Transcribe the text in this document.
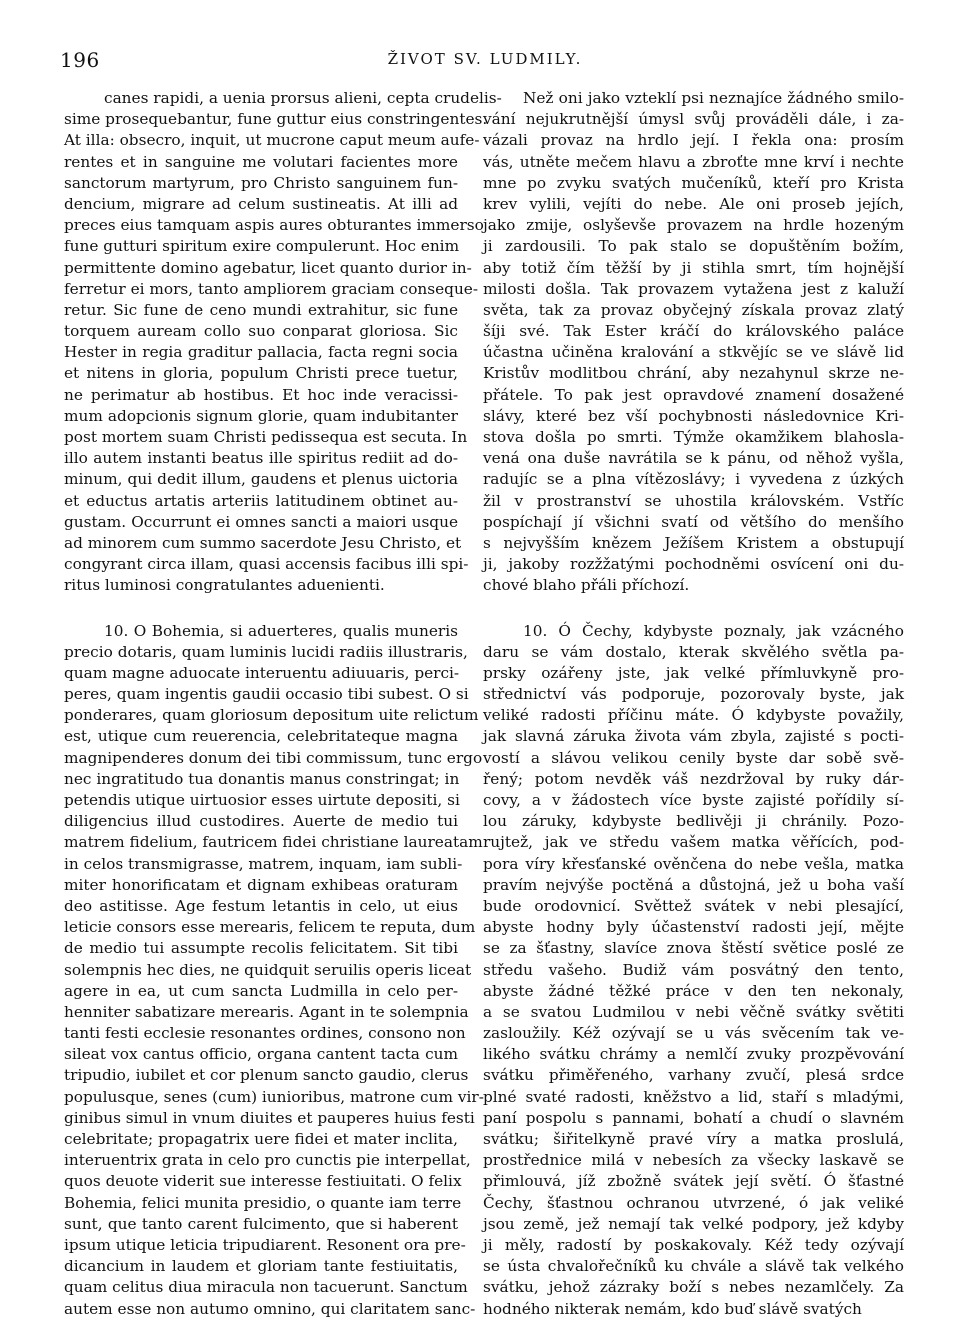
196	ŽIVOT SV. LUDMILY.
canes rapidi, a uenia prorsus alieni, cepta crudelis-
sime prosequebantur, fune guttur eius constringentes.
At illa: obsecro, inquit, ut mucrone caput meum aufe-
rentes et in sanguine me volutari facientes more
sanctorum martyrum, pro Christo sanguinem fun-
dencium, migrare ad celum sustineatis. At illi ad
preces eius tamquam aspis aures obturantes immerso
fune gutturi spiritum exire compulerunt. Hoc enim
permittente domino agebatur, licet quanto durior in-
ferretur ei mors, tanto ampliorem graciam conseque-
retur. Sic fune de ceno mundi extrahitur, sic fune
torquem auream collo suo conparat gloriosa. Sic
Hester in regia graditur pallacia, facta regni socia
et nitens in gloria, populum Christi prece tuetur,
ne perimatur ab hostibus. Et hoc inde veracissi-
mum adopcionis signum glorie, quam indubitanter
post mortem suam Christi pedissequa est secuta. In
illo autem instanti beatus ille spiritus rediit ad do-
minum, qui dedit illum, gaudens et plenus uictoria
et eductus artatis arteriis latitudinem obtinet au-
gustam. Occurrunt ei omnes sancti a maiori usque
ad minorem cum summo sacerdote Jesu Christo, et
congyrant circa illam, quasi accensis facibus illi spi-
ritus luminosi congratulantes aduenienti.
10. O Bohemia, si aduerteres, qualis muneris
precio dotaris, quam luminis lucidi radiis illustraris,
quam magne aduocate interuentu adiuuaris, perci-
peres, quam ingentis gaudii occasio tibi subest. O si
ponderares, quam gloriosum depositum uite relictum
est, utique cum reuerencia, celebritateque magna
magnipenderes donum dei tibi commissum, tunc ergo
nec ingratitudo tua donantis manus constringat; in
petendis utique uirtuosior esses uirtute depositi, si
diligencius illud custodires. Auerte de medio tui
matrem fidelium, fautricem fidei christiane laureatam
in celos transmigrasse, matrem, inquam, iam subli-
miter honorificatam et dignam exhibeas oraturam
deo astitisse. Age festum letantis in celo, ut eius
leticie consors esse merearis, felicem te reputa, dum
de medio tui assumpte recolis felicitatem. Sit tibi
solempnis hec dies, ne quidquit seruilis operis liceat
agere in ea, ut cum sancta Ludmilla in celo per-
henniter sabatizare merearis. Agant in te solempnia
tanti festi ecclesie resonantes ordines, consono non
sileat vox cantus officio, organa cantent tacta cum
tripudio, iubilet et cor plenum sancto gaudio, clerus
populusque, senes (cum) iunioribus, matrone cum vir-
ginibus simul in vnum diuites et pauperes huius festi
celebritate; propagatrix uere fidei et mater inclita,
interuentrix grata in celo pro cunctis pie interpellat,
quos deuote viderit sue interesse festiuitati. O felix
Bohemia, felici munita presidio, o quante iam terre
sunt, que tanto carent fulcimento, que si haberent
ipsum utique leticia tripudiarent. Resonent ora pre-
dicancium in laudem et gloriam tante festiuitatis,
quam celitus diua miracula non tacuerunt. Sanctum
autem esse non autumo omnino, qui claritatem sanc-
Než oni jako vzteklí psi neznajíce žádného smilo-
vání nejukrutnější úmysl svůj prováděli dále, i za-
vázali provaz na hrdlo její. I řekla ona: prosím
vás, utněte mečem hlavu a zbroťte mne krví i nechte
mne po zvyku svatých mučeníků, kteří pro Krista
krev vylili, vejíti do nebe. Ale oni proseb jejích,
jako zmije, oslyševše provazem na hrdle hozeným
ji zardousili. To pak stalo se dopuštěním božím,
aby totiž čím těžší by ji stihla smrt, tím hojnější
milosti došla. Tak provazem vytažena jest z kaluží
světa, tak za provaz obyčejný získala provaz zlatý
šíji své. Tak Ester kráčí do královského paláce
účastna učiněna kralování a stkvějíc se ve slávě lid
Kristův modlitbou chrání, aby nezahynul skrze ne-
přátele. To pak jest opravdové znamení dosažené
slávy, které bez vší pochybnosti následovnice Kri-
stova došla po smrti. Týmže okamžikem blahosla-
vená ona duše navrátila se k pánu, od něhož vyšla,
radujíc se a plna vítězoslávy; i vyvedena z úzkých
žil v prostranství se uhostila královském. Vstříc
pospíchají jí všichni svatí od většího do menšího
s nejvyšším knězem Ježíšem Kristem a obstupují
ji, jakoby rozžžatými pochodněmi osvícení oni du-
chové blaho přáli příchozí.
10. Ó Čechy, kdybyste poznaly, jak vzácného
daru se vám dostalo, kterak skvělého světla pa-
prsky ozářeny jste, jak velké přímluvkyně pro-
střednictví vás podporuje, pozorovaly byste, jak
veliké radosti příčinu máte. Ó kdybyste považily,
jak slavná záruka života vám zbyla, zajisté s pocti-
vostí a slávou velikou cenily byste dar sobě svě-
řený; potom nevděk váš nezdržoval by ruky dár-
covy, a v žádostech více byste zajisté pořídily sí-
lou záruky, kdybyste bedlivěji ji chránily. Pozo-
rujtež, jak ve středu vašem matka věřících, pod-
pora víry křesťanské ověnčena do nebe vešla, matka
pravím nejvýše poctěná a důstojná, jež u boha vaší
bude orodovnicí. Světtež svátek v nebi plesající,
abyste hodny byly účastenství radosti její, mějte
se za šťastny, slavíce znova štěstí světice poslé ze
středu vašeho. Budiž vám posvátný den tento,
abyste žádné těžké práce v den ten nekonaly,
a se svatou Ludmilou v nebi věčně svátky světiti
zasloužily. Kéž ozývají se u vás svěcením tak ve-
likého svátku chrámy a nemlčí zvuky prozpěvování
svátku přiměřeného, varhany zvučí, plesá srdce
plné svaté radosti, kněžstvo a lid, staří s mladými,
paní pospolu s pannami, bohatí a chudí o slavném
svátku; šiřitelkyně pravé víry a matka proslulá,
prostřednice milá v nebesích za všecky laskavě se
přimlouvá, jíž zbožně svátek její světí. Ó šťastné
Čechy, šťastnou ochranou utvrzené, ó jak veliké
jsou země, jež nemají tak velké podpory, jež kdyby
ji měly, radostí by poskakovaly. Kéž tedy ozývají
se ústa chvalořečníků ku chvále a slávě tak velkého
svátku, jehož zázraky boží s nebes nezamlčely. Za
hodného nikterak nemám, kdo buď slávě svatých
